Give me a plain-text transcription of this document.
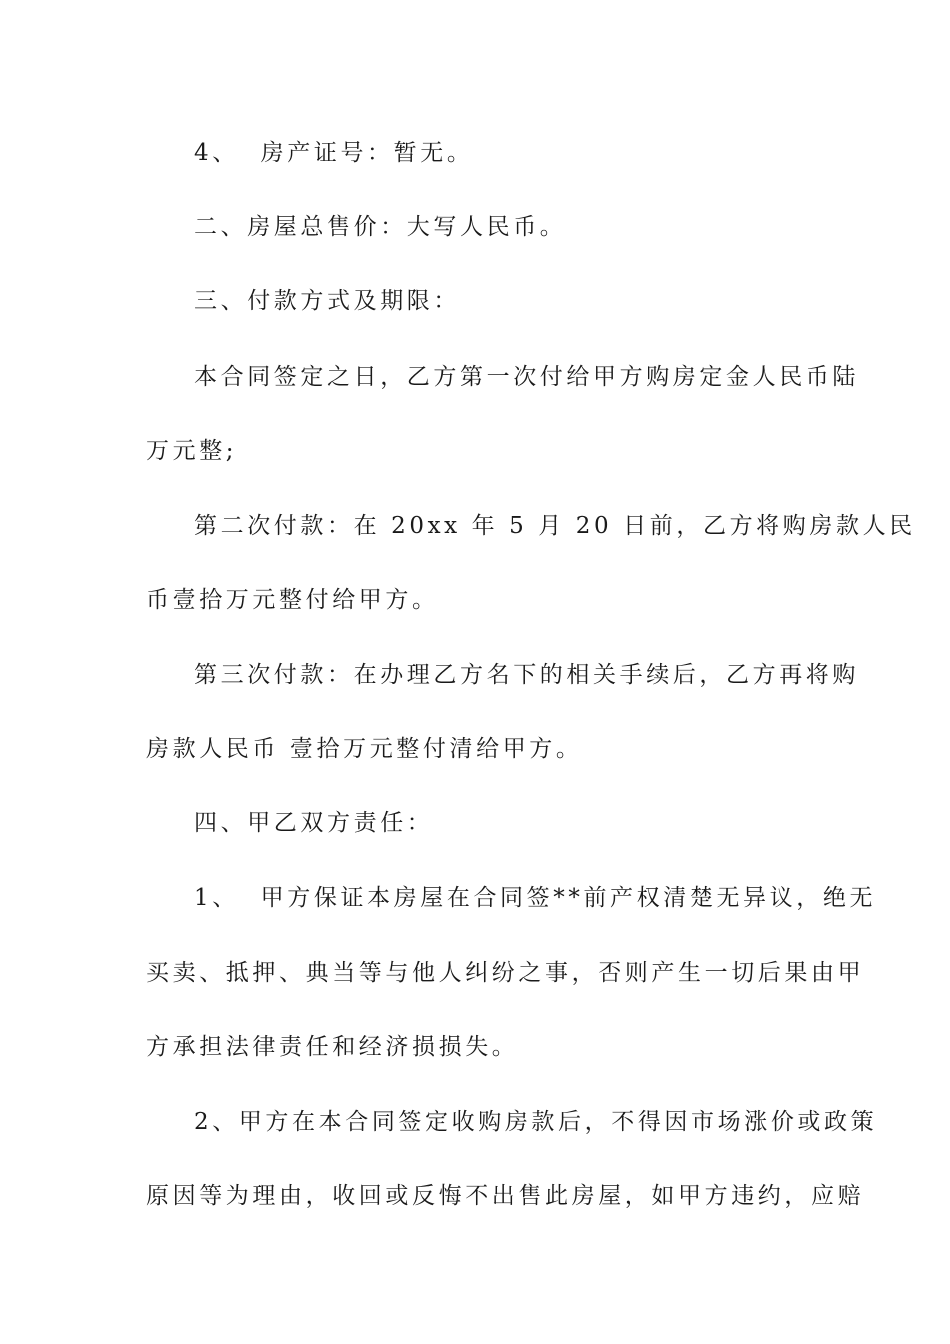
4、  房产证号：暂无。
二、房屋总售价：大写人民币。
三、付款方式及期限：
本合同签定之日，乙方第一次付给甲方购房定金人民币陆
万元整;
第二次付款：在 20xx 年 5 月 20 日前，乙方将购房款人民
币壹拾万元整付给甲方。
第三次付款：在办理乙方名下的相关手续后，乙方再将购
房款人民币 壹拾万元整付清给甲方。
四、甲乙双方责任：
1、  甲方保证本房屋在合同签**前产权清楚无异议，绝无
买卖、抵押、典当等与他人纠纷之事，否则产生一切后果由甲
方承担法律责任和经济损损失。
2、甲方在本合同签定收购房款后，不得因市场涨价或政策
原因等为理由，收回或反悔不出售此房屋，如甲方违约，应赔
